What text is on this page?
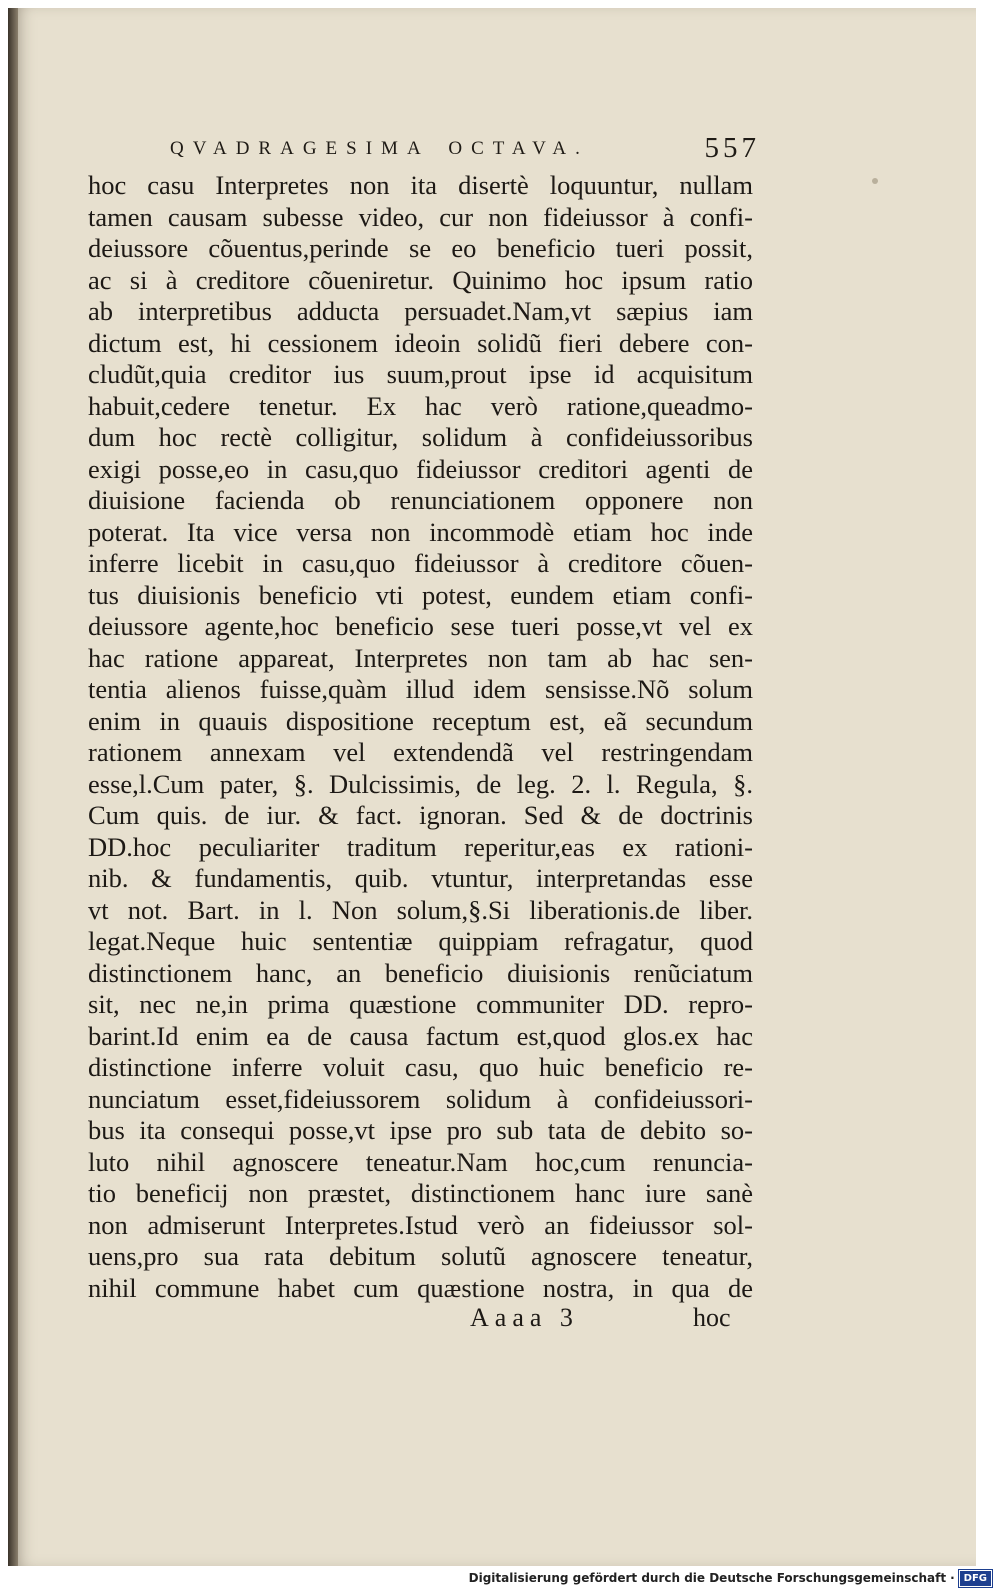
QVADRAGESIMA OCTAVA.	557
hoc casu Interpretes non ita disertè loquuntur, nullam
tamen causam subesse video, cur non fideiussor à confi-
deiussore cõuentus,perinde se eo beneficio tueri possit,
ac si à creditore cõueniretur. Quinimo hoc ipsum ratio
ab interpretibus adducta persuadet.Nam,vt sæpius iam
dictum est, hi cessionem ideoin solidũ fieri debere con-
cludũt,quia creditor ius suum,prout ipse id acquisitum
habuit,cedere tenetur. Ex hac verò ratione,queadmo-
dum hoc rectè colligitur, solidum à confideiussoribus
exigi posse,eo in casu,quo fideiussor creditori agenti de
diuisione facienda ob renunciationem opponere non
poterat. Ita vice versa non incommodè etiam hoc inde
inferre licebit in casu,quo fideiussor à creditore cõuen-
tus diuisionis beneficio vti potest, eundem etiam confi-
deiussore agente,hoc beneficio sese tueri posse,vt vel ex
hac ratione appareat, Interpretes non tam ab hac sen-
tentia alienos fuisse,quàm illud idem sensisse.Nõ solum
enim in quauis dispositione receptum est, eã secundum
rationem annexam vel extendendã vel restringendam
esse,l.Cum pater, §. Dulcissimis, de leg. 2. l. Regula, §.
Cum quis. de iur. & fact. ignoran. Sed & de doctrinis
DD.hoc peculiariter traditum reperitur,eas ex rationi-
nib. & fundamentis, quib. vtuntur, interpretandas esse
vt not. Bart. in l. Non solum,§.Si liberationis.de liber.
legat.Neque huic sententiæ quippiam refragatur, quod
distinctionem hanc, an beneficio diuisionis renũciatum
sit, nec ne,in prima quæstione communiter DD. repro-
barint.Id enim ea de causa factum est,quod glos.ex hac
distinctione inferre voluit casu, quo huic beneficio re-
nunciatum esset,fideiussorem solidum à confideiussori-
bus ita consequi posse,vt ipse pro sub tata de debito so-
luto nihil agnoscere teneatur.Nam hoc,cum renuncia-
tio beneficij non præstet, distinctionem hanc iure sanè
non admiserunt Interpretes.Istud verò an fideiussor sol-
uens,pro sua rata debitum solutũ agnoscere teneatur,
nihil commune habet cum quæstione nostra, in qua de
Aaaa 3	hoc
Digitalisierung gefördert durch die Deutsche Forschungsgemeinschaft · DFG
